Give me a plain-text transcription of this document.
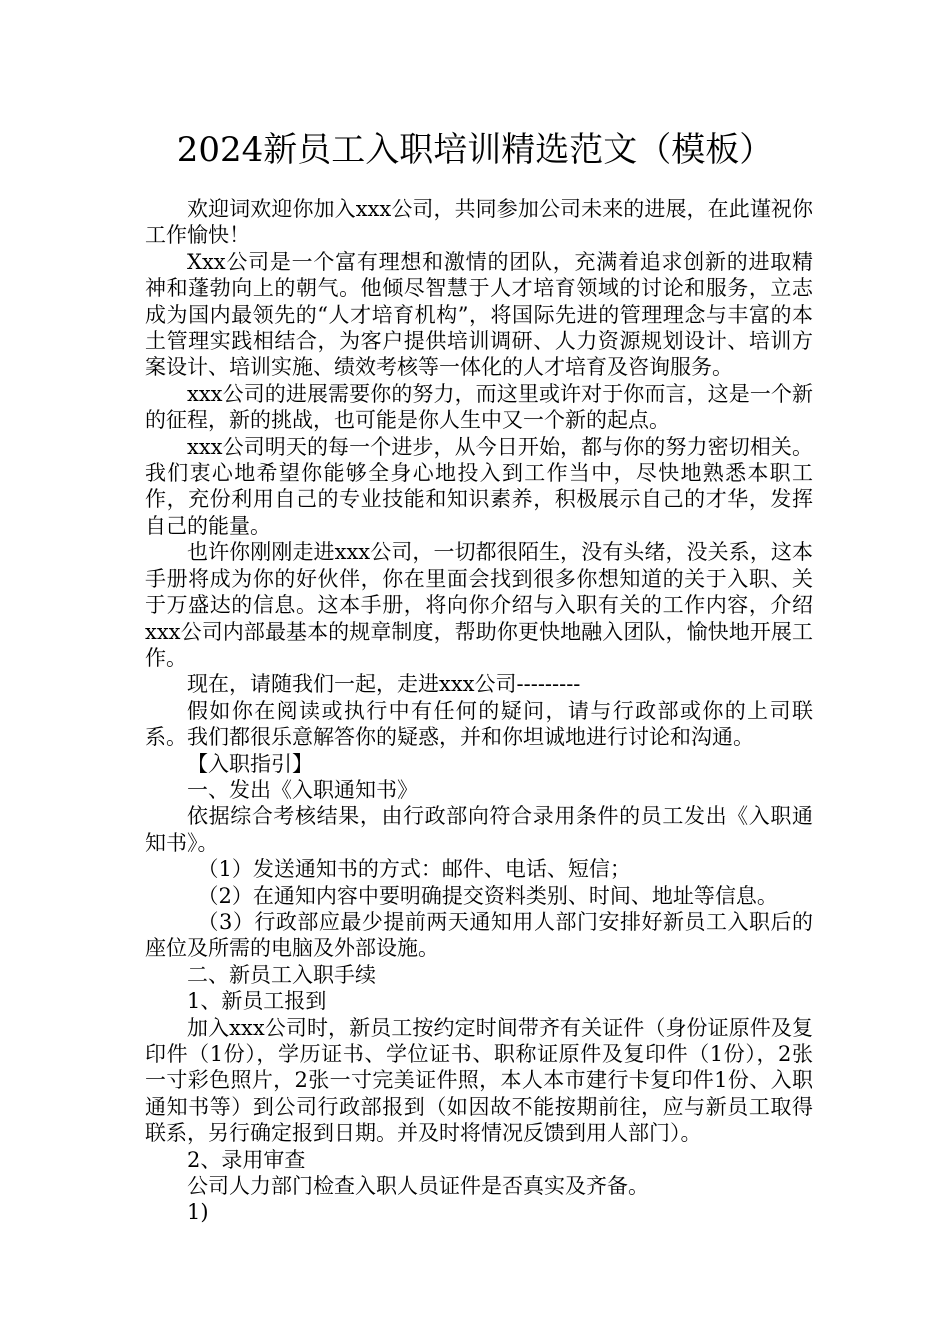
2024新员工入职培训精选范文（模板）

欢迎词欢迎你加入xxx公司，共同参加公司未来的进展，在此谨祝你工作愉快！

Xxx公司是一个富有理想和激情的团队，充满着追求创新的进取精神和蓬勃向上的朝气。他倾尽智慧于人才培育领域的讨论和服务，立志成为国内最领先的“人才培育机构”，将国际先进的管理理念与丰富的本土管理实践相结合，为客户提供培训调研、人力资源规划设计、培训方案设计、培训实施、绩效考核等一体化的人才培育及咨询服务。

xxx公司的进展需要你的努力，而这里或许对于你而言，这是一个新的征程，新的挑战，也可能是你人生中又一个新的起点。

xxx公司明天的每一个进步，从今日开始，都与你的努力密切相关。我们衷心地希望你能够全身心地投入到工作当中，尽快地熟悉本职工作，充份利用自己的专业技能和知识素养，积极展示自己的才华，发挥自己的能量。

也许你刚刚走进xxx公司，一切都很陌生，没有头绪，没关系，这本手册将成为你的好伙伴，你在里面会找到很多你想知道的关于入职、关于万盛达的信息。这本手册，将向你介绍与入职有关的工作内容，介绍xxx公司内部最基本的规章制度，帮助你更快地融入团队，愉快地开展工作。

现在，请随我们一起，走进xxx公司---------

假如你在阅读或执行中有任何的疑问，请与行政部或你的上司联系。我们都很乐意解答你的疑惑，并和你坦诚地进行讨论和沟通。

【入职指引】

一、发出《入职通知书》

依据综合考核结果，由行政部向符合录用条件的员工发出《入职通知书》。

（1）发送通知书的方式：邮件、电话、短信；

（2）在通知内容中要明确提交资料类别、时间、地址等信息。

（3）行政部应最少提前两天通知用人部门安排好新员工入职后的座位及所需的电脑及外部设施。

二、新员工入职手续

1、新员工报到

加入xxx公司时，新员工按约定时间带齐有关证件（身份证原件及复印件（1份），学历证书、学位证书、职称证原件及复印件（1份），2张一寸彩色照片，2张一寸完美证件照，本人本市建行卡复印件1份、入职通知书等）到公司行政部报到（如因故不能按期前往，应与新员工取得联系，另行确定报到日期。并及时将情况反馈到用人部门）。

2、录用审查

公司人力部门检查入职人员证件是否真实及齐备。

1)
